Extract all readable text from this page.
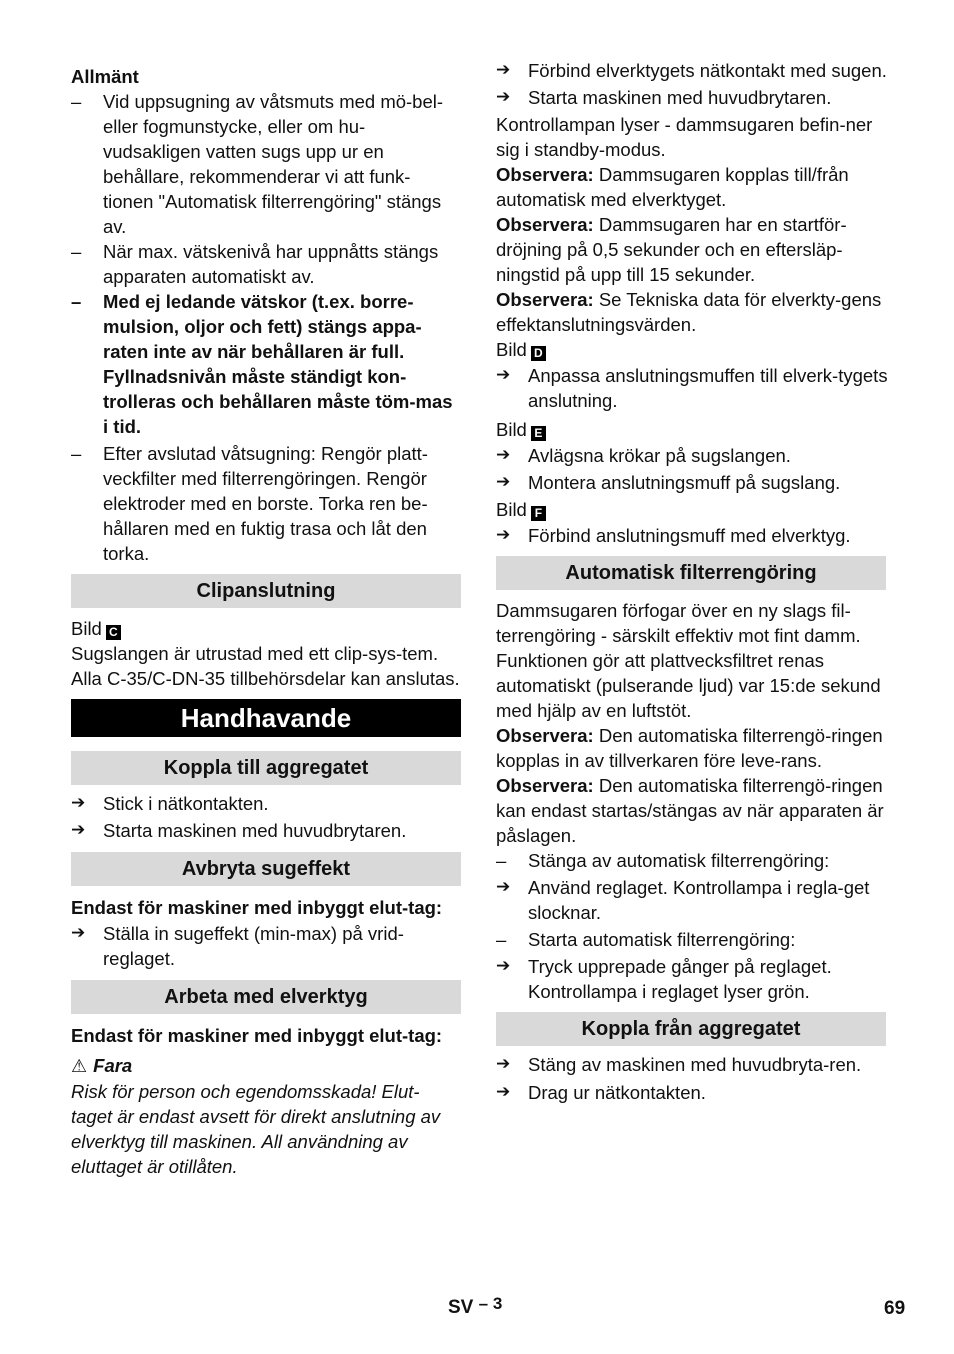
Allmänt

– Vid uppsugning av våtsmuts med mö-bel- eller fogmunstycke, eller om hu-vudsakligen vatten sugs upp ur en behållare, rekommenderar vi att funk-tionen "Automatisk filterrengöring" stängs av.

– När max. vätskenivå har uppnåtts stängs apparaten automatiskt av.

– Med ej ledande vätskor (t.ex. borre-mulsion, oljor och fett) stängs appa-raten inte av när behållaren är full. Fyllnadsnivån måste ständigt kon-trolleras och behållaren måste töm-mas i tid.

– Efter avslutad våtsugning: Rengör platt-veckfilter med filterrengöringen. Rengör elektroder med en borste. Torka ren be-hållaren med en fuktig trasa och låt den torka.

Clipanslutning

Bild C

Sugslangen är utrustad med ett clip-sys-tem. Alla C-35/C-DN-35 tillbehörsdelar kan anslutas.

Handhavande

Koppla till aggregatet

➔ Stick i nätkontakten.

➔ Starta maskinen med huvudbrytaren.

Avbryta sugeffekt

Endast för maskiner med inbyggt elut-tag:

➔ Ställa in sugeffekt (min-max) på vrid-reglaget.

Arbeta med elverktyg

Endast för maskiner med inbyggt elut-tag:

⚠ Fara

Risk för person och egendomsskada! Elut-taget är endast avsett för direkt anslutning av elverktyg till maskinen. All användning av eluttaget är otillåten.

➔ Förbind elverktygets nätkontakt med sugen.

➔ Starta maskinen med huvudbrytaren.

Kontrollampan lyser - dammsugaren befin-ner sig i standby-modus.

Observera: Dammsugaren kopplas till/från automatisk med elverktyget.

Observera: Dammsugaren har en startför-dröjning på 0,5 sekunder och en eftersläp-ningstid på upp till 15 sekunder.

Observera: Se Tekniska data för elverkty-gens effektanslutningsvärden.

Bild D

➔ Anpassa anslutningsmuffen till elverk-tygets anslutning.

Bild E

➔ Avlägsna krökar på sugslangen.

➔ Montera anslutningsmuff på sugslang.

Bild F

➔ Förbind anslutningsmuff med elverktyg.

Automatisk filterrengöring

Dammsugaren förfogar över en ny slags fil-terrengöring - särskilt effektiv mot fint damm. Funktionen gör att plattvecksfiltret renas automatiskt (pulserande ljud) var 15:de sekund med hjälp av en luftstöt.

Observera: Den automatiska filterrengö-ringen kopplas in av tillverkaren före leve-rans.

Observera: Den automatiska filterrengö-ringen kan endast startas/stängas av när apparaten är påslagen.

– Stänga av automatisk filterrengöring:

➔ Använd reglaget. Kontrollampa i regla-get slocknar.

– Starta automatisk filterrengöring:

➔ Tryck upprepade gånger på reglaget. Kontrollampa i reglaget lyser grön.

Koppla från aggregatet

➔ Stäng av maskinen med huvudbryta-ren.

➔ Drag ur nätkontakten.

SV – 3	69
